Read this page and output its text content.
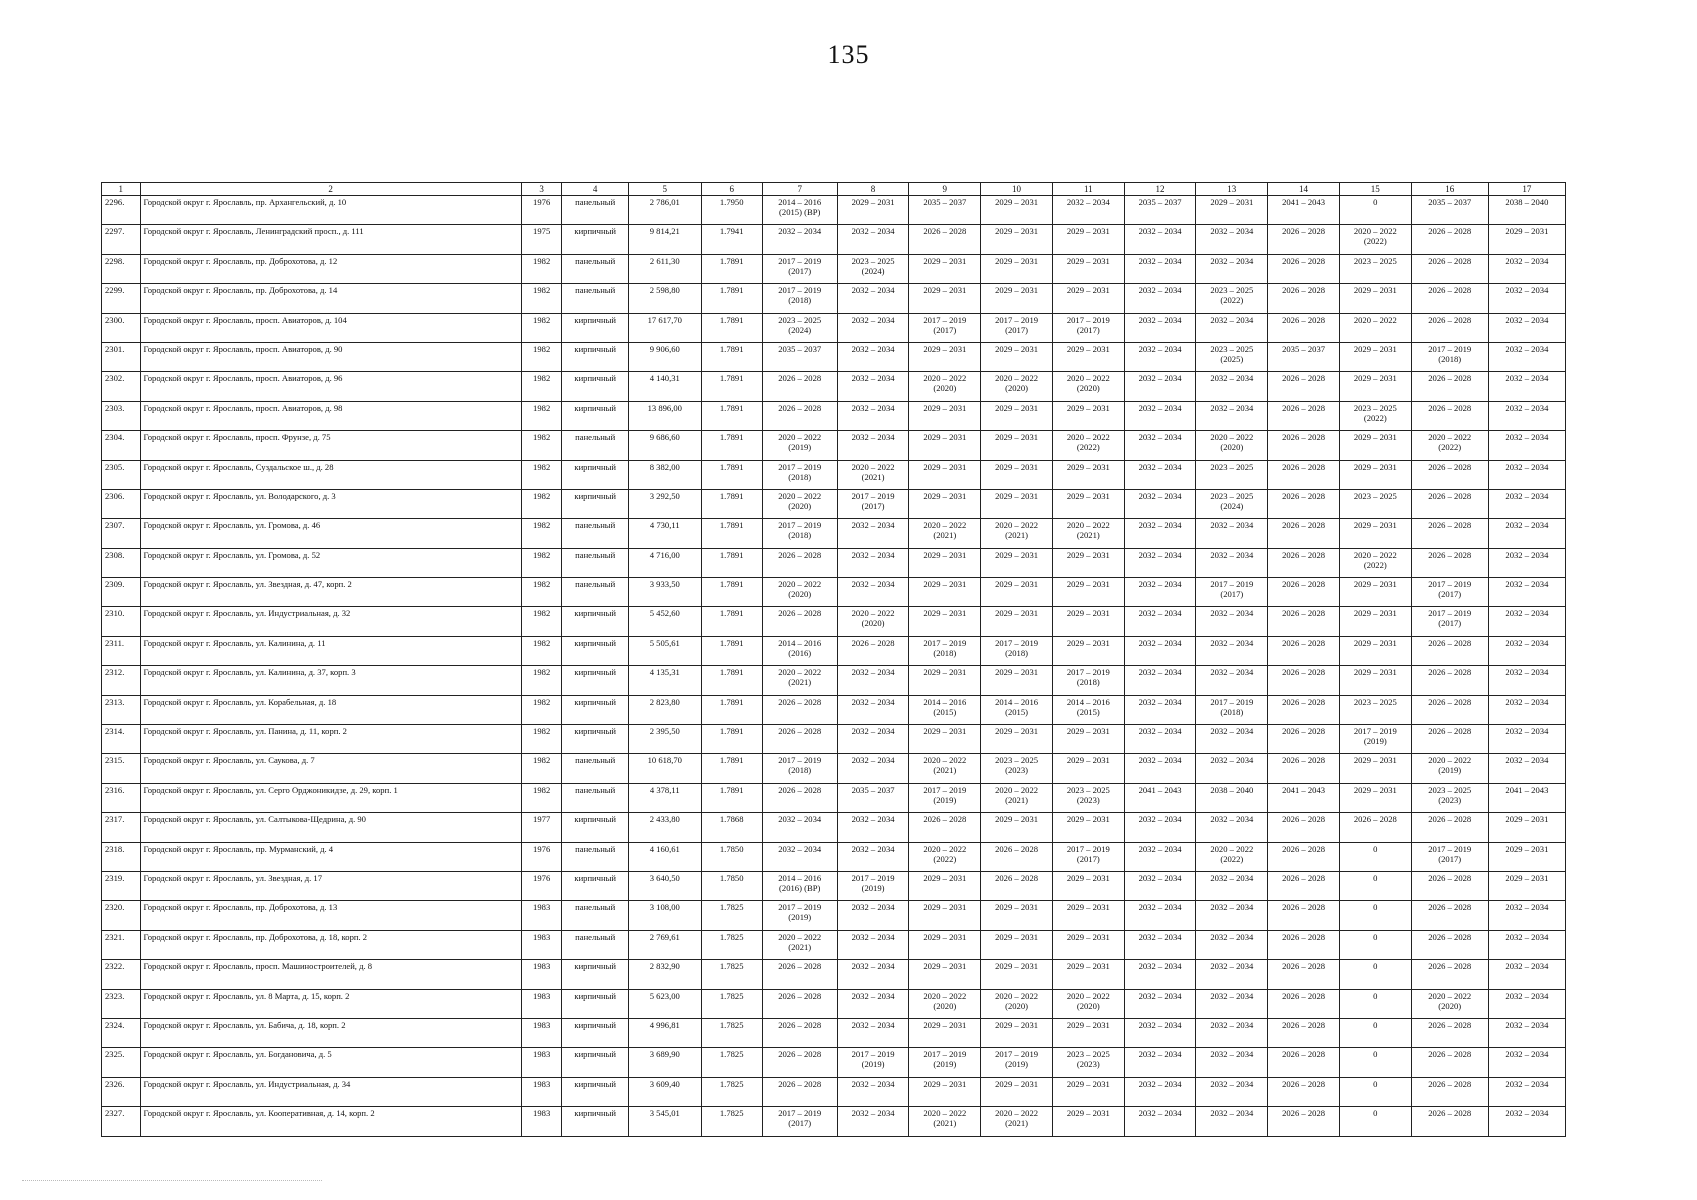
135
1	2	3	4	5	6	7	8	9	10	11	12	13	14	15	16	17
2296.	Городской округ г. Ярославль, пр. Архангельский, д. 10	1976	панельный	2 786,01	1.7950	2014 – 2016
(2015) (ВР)	2029 – 2031	2035 – 2037	2029 – 2031	2032 – 2034	2035 – 2037	2029 – 2031	2041 – 2043	0	2035 – 2037	2038 – 2040
2297.	Городской округ г. Ярославль, Ленинградский просп., д. 111	1975	кирпичный	9 814,21	1.7941	2032 – 2034	2032 – 2034	2026 – 2028	2029 – 2031	2029 – 2031	2032 – 2034	2032 – 2034	2026 – 2028	2020 – 2022
(2022)	2026 – 2028	2029 – 2031
2298.	Городской округ г. Ярославль, пр. Доброхотова, д. 12	1982	панельный	2 611,30	1.7891	2017 – 2019
(2017)	2023 – 2025
(2024)	2029 – 2031	2029 – 2031	2029 – 2031	2032 – 2034	2032 – 2034	2026 – 2028	2023 – 2025	2026 – 2028	2032 – 2034
2299.	Городской округ г. Ярославль, пр. Доброхотова, д. 14	1982	панельный	2 598,80	1.7891	2017 – 2019
(2018)	2032 – 2034	2029 – 2031	2029 – 2031	2029 – 2031	2032 – 2034	2023 – 2025
(2022)	2026 – 2028	2029 – 2031	2026 – 2028	2032 – 2034
2300.	Городской округ г. Ярославль, просп. Авиаторов, д. 104	1982	кирпичный	17 617,70	1.7891	2023 – 2025
(2024)	2032 – 2034	2017 – 2019
(2017)	2017 – 2019
(2017)	2017 – 2019
(2017)	2032 – 2034	2032 – 2034	2026 – 2028	2020 – 2022	2026 – 2028	2032 – 2034
2301.	Городской округ г. Ярославль, просп. Авиаторов, д. 90	1982	кирпичный	9 906,60	1.7891	2035 – 2037	2032 – 2034	2029 – 2031	2029 – 2031	2029 – 2031	2032 – 2034	2023 – 2025
(2025)	2035 – 2037	2029 – 2031	2017 – 2019
(2018)	2032 – 2034
2302.	Городской округ г. Ярославль, просп. Авиаторов, д. 96	1982	кирпичный	4 140,31	1.7891	2026 – 2028	2032 – 2034	2020 – 2022
(2020)	2020 – 2022
(2020)	2020 – 2022
(2020)	2032 – 2034	2032 – 2034	2026 – 2028	2029 – 2031	2026 – 2028	2032 – 2034
2303.	Городской округ г. Ярославль, просп. Авиаторов, д. 98	1982	кирпичный	13 896,00	1.7891	2026 – 2028	2032 – 2034	2029 – 2031	2029 – 2031	2029 – 2031	2032 – 2034	2032 – 2034	2026 – 2028	2023 – 2025
(2022)	2026 – 2028	2032 – 2034
2304.	Городской округ г. Ярославль, просп. Фрунзе, д. 75	1982	панельный	9 686,60	1.7891	2020 – 2022
(2019)	2032 – 2034	2029 – 2031	2029 – 2031	2020 – 2022
(2022)	2032 – 2034	2020 – 2022
(2020)	2026 – 2028	2029 – 2031	2020 – 2022
(2022)	2032 – 2034
2305.	Городской округ г. Ярославль, Суздальское ш., д. 28	1982	кирпичный	8 382,00	1.7891	2017 – 2019
(2018)	2020 – 2022
(2021)	2029 – 2031	2029 – 2031	2029 – 2031	2032 – 2034	2023 – 2025	2026 – 2028	2029 – 2031	2026 – 2028	2032 – 2034
2306.	Городской округ г. Ярославль, ул. Володарского, д. 3	1982	кирпичный	3 292,50	1.7891	2020 – 2022
(2020)	2017 – 2019
(2017)	2029 – 2031	2029 – 2031	2029 – 2031	2032 – 2034	2023 – 2025
(2024)	2026 – 2028	2023 – 2025	2026 – 2028	2032 – 2034
2307.	Городской округ г. Ярославль, ул. Громова, д. 46	1982	панельный	4 730,11	1.7891	2017 – 2019
(2018)	2032 – 2034	2020 – 2022
(2021)	2020 – 2022
(2021)	2020 – 2022
(2021)	2032 – 2034	2032 – 2034	2026 – 2028	2029 – 2031	2026 – 2028	2032 – 2034
2308.	Городской округ г. Ярославль, ул. Громова, д. 52	1982	панельный	4 716,00	1.7891	2026 – 2028	2032 – 2034	2029 – 2031	2029 – 2031	2029 – 2031	2032 – 2034	2032 – 2034	2026 – 2028	2020 – 2022
(2022)	2026 – 2028	2032 – 2034
2309.	Городской округ г. Ярославль, ул. Звездная, д. 47, корп. 2	1982	панельный	3 933,50	1.7891	2020 – 2022
(2020)	2032 – 2034	2029 – 2031	2029 – 2031	2029 – 2031	2032 – 2034	2017 – 2019
(2017)	2026 – 2028	2029 – 2031	2017 – 2019
(2017)	2032 – 2034
2310.	Городской округ г. Ярославль, ул. Индустриальная, д. 32	1982	кирпичный	5 452,60	1.7891	2026 – 2028	2020 – 2022
(2020)	2029 – 2031	2029 – 2031	2029 – 2031	2032 – 2034	2032 – 2034	2026 – 2028	2029 – 2031	2017 – 2019
(2017)	2032 – 2034
2311.	Городской округ г. Ярославль, ул. Калинина, д. 11	1982	кирпичный	5 505,61	1.7891	2014 – 2016
(2016)	2026 – 2028	2017 – 2019
(2018)	2017 – 2019
(2018)	2029 – 2031	2032 – 2034	2032 – 2034	2026 – 2028	2029 – 2031	2026 – 2028	2032 – 2034
2312.	Городской округ г. Ярославль, ул. Калинина, д. 37, корп. 3	1982	кирпичный	4 135,31	1.7891	2020 – 2022
(2021)	2032 – 2034	2029 – 2031	2029 – 2031	2017 – 2019
(2018)	2032 – 2034	2032 – 2034	2026 – 2028	2029 – 2031	2026 – 2028	2032 – 2034
2313.	Городской округ г. Ярославль, ул. Корабельная, д. 18	1982	кирпичный	2 823,80	1.7891	2026 – 2028	2032 – 2034	2014 – 2016
(2015)	2014 – 2016
(2015)	2014 – 2016
(2015)	2032 – 2034	2017 – 2019
(2018)	2026 – 2028	2023 – 2025	2026 – 2028	2032 – 2034
2314.	Городской округ г. Ярославль, ул. Панина, д. 11, корп. 2	1982	кирпичный	2 395,50	1.7891	2026 – 2028	2032 – 2034	2029 – 2031	2029 – 2031	2029 – 2031	2032 – 2034	2032 – 2034	2026 – 2028	2017 – 2019
(2019)	2026 – 2028	2032 – 2034
2315.	Городской округ г. Ярославль, ул. Саукова, д. 7	1982	панельный	10 618,70	1.7891	2017 – 2019
(2018)	2032 – 2034	2020 – 2022
(2021)	2023 – 2025
(2023)	2029 – 2031	2032 – 2034	2032 – 2034	2026 – 2028	2029 – 2031	2020 – 2022
(2019)	2032 – 2034
2316.	Городской округ г. Ярославль, ул. Серго Орджоникидзе, д. 29, корп. 1	1982	панельный	4 378,11	1.7891	2026 – 2028	2035 – 2037	2017 – 2019
(2019)	2020 – 2022
(2021)	2023 – 2025
(2023)	2041 – 2043	2038 – 2040	2041 – 2043	2029 – 2031	2023 – 2025
(2023)	2041 – 2043
2317.	Городской округ г. Ярославль, ул. Салтыкова-Щедрина, д. 90	1977	кирпичный	2 433,80	1.7868	2032 – 2034	2032 – 2034	2026 – 2028	2029 – 2031	2029 – 2031	2032 – 2034	2032 – 2034	2026 – 2028	2026 – 2028	2026 – 2028	2029 – 2031
2318.	Городской округ г. Ярославль, пр. Мурманский, д. 4	1976	панельный	4 160,61	1.7850	2032 – 2034	2032 – 2034	2020 – 2022
(2022)	2026 – 2028	2017 – 2019
(2017)	2032 – 2034	2020 – 2022
(2022)	2026 – 2028	0	2017 – 2019
(2017)	2029 – 2031
2319.	Городской округ г. Ярославль, ул. Звездная, д. 17	1976	кирпичный	3 640,50	1.7850	2014 – 2016
(2016) (ВР)	2017 – 2019
(2019)	2029 – 2031	2026 – 2028	2029 – 2031	2032 – 2034	2032 – 2034	2026 – 2028	0	2026 – 2028	2029 – 2031
2320.	Городской округ г. Ярославль, пр. Доброхотова, д. 13	1983	панельный	3 108,00	1.7825	2017 – 2019
(2019)	2032 – 2034	2029 – 2031	2029 – 2031	2029 – 2031	2032 – 2034	2032 – 2034	2026 – 2028	0	2026 – 2028	2032 – 2034
2321.	Городской округ г. Ярославль, пр. Доброхотова, д. 18, корп. 2	1983	панельный	2 769,61	1.7825	2020 – 2022
(2021)	2032 – 2034	2029 – 2031	2029 – 2031	2029 – 2031	2032 – 2034	2032 – 2034	2026 – 2028	0	2026 – 2028	2032 – 2034
2322.	Городской округ г. Ярославль, просп. Машиностроителей, д. 8	1983	кирпичный	2 832,90	1.7825	2026 – 2028	2032 – 2034	2029 – 2031	2029 – 2031	2029 – 2031	2032 – 2034	2032 – 2034	2026 – 2028	0	2026 – 2028	2032 – 2034
2323.	Городской округ г. Ярославль, ул. 8 Марта, д. 15, корп. 2	1983	кирпичный	5 623,00	1.7825	2026 – 2028	2032 – 2034	2020 – 2022
(2020)	2020 – 2022
(2020)	2020 – 2022
(2020)	2032 – 2034	2032 – 2034	2026 – 2028	0	2020 – 2022
(2020)	2032 – 2034
2324.	Городской округ г. Ярославль, ул. Бабича, д. 18, корп. 2	1983	кирпичный	4 996,81	1.7825	2026 – 2028	2032 – 2034	2029 – 2031	2029 – 2031	2029 – 2031	2032 – 2034	2032 – 2034	2026 – 2028	0	2026 – 2028	2032 – 2034
2325.	Городской округ г. Ярославль, ул. Богдановича, д. 5	1983	кирпичный	3 689,90	1.7825	2026 – 2028	2017 – 2019
(2019)	2017 – 2019
(2019)	2017 – 2019
(2019)	2023 – 2025
(2023)	2032 – 2034	2032 – 2034	2026 – 2028	0	2026 – 2028	2032 – 2034
2326.	Городской округ г. Ярославль, ул. Индустриальная, д. 34	1983	кирпичный	3 609,40	1.7825	2026 – 2028	2032 – 2034	2029 – 2031	2029 – 2031	2029 – 2031	2032 – 2034	2032 – 2034	2026 – 2028	0	2026 – 2028	2032 – 2034
2327.	Городской округ г. Ярославль, ул. Кооперативная, д. 14, корп. 2	1983	кирпичный	3 545,01	1.7825	2017 – 2019
(2017)	2032 – 2034	2020 – 2022
(2021)	2020 – 2022
(2021)	2029 – 2031	2032 – 2034	2032 – 2034	2026 – 2028	0	2026 – 2028	2032 – 2034
